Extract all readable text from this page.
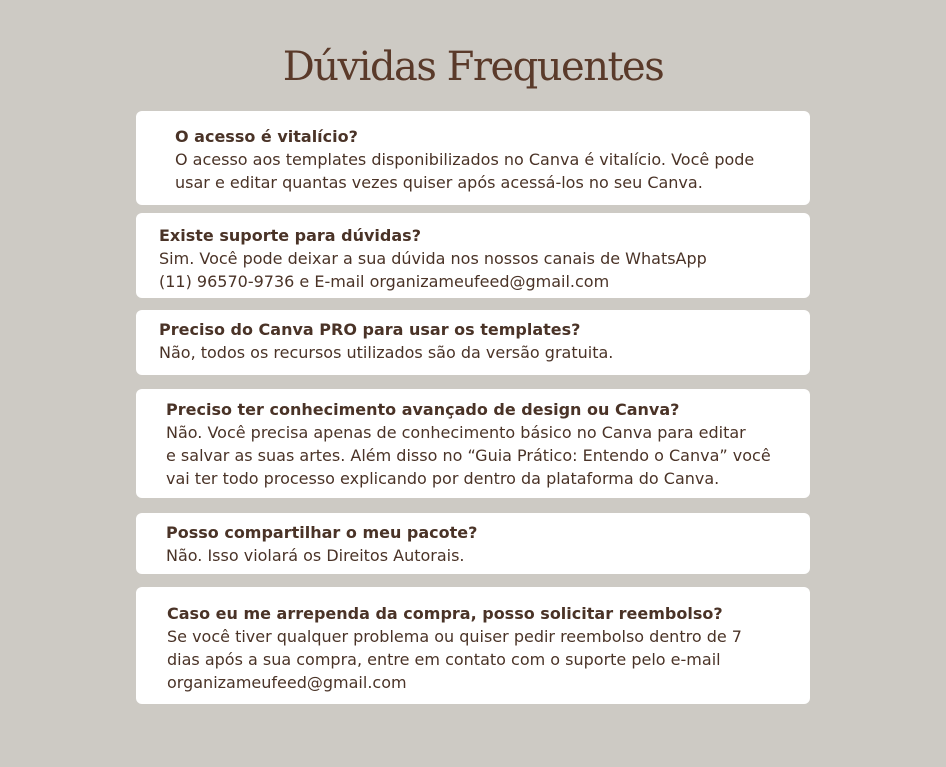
Dúvidas Frequentes
O acesso é vitalício?
O acesso aos templates disponibilizados no Canva é vitalício. Você pode
usar e editar quantas vezes quiser após acessá-los no seu Canva.
Existe suporte para dúvidas?
Sim. Você pode deixar a sua dúvida nos nossos canais de WhatsApp
(11) 96570-9736 e E-mail organizameufeed@gmail.com
Preciso do Canva PRO para usar os templates?
Não, todos os recursos utilizados são da versão gratuita.
Preciso ter conhecimento avançado de design ou Canva?
Não. Você precisa apenas de conhecimento básico no Canva para editar
e salvar as suas artes. Além disso no “Guia Prático: Entendo o Canva” você
vai ter todo processo explicando por dentro da plataforma do Canva.
Posso compartilhar o meu pacote?
Não. Isso violará os Direitos Autorais.
Caso eu me arrependa da compra, posso solicitar reembolso?
Se você tiver qualquer problema ou quiser pedir reembolso dentro de 7
dias após a sua compra, entre em contato com o suporte pelo e-mail
organizameufeed@gmail.com
